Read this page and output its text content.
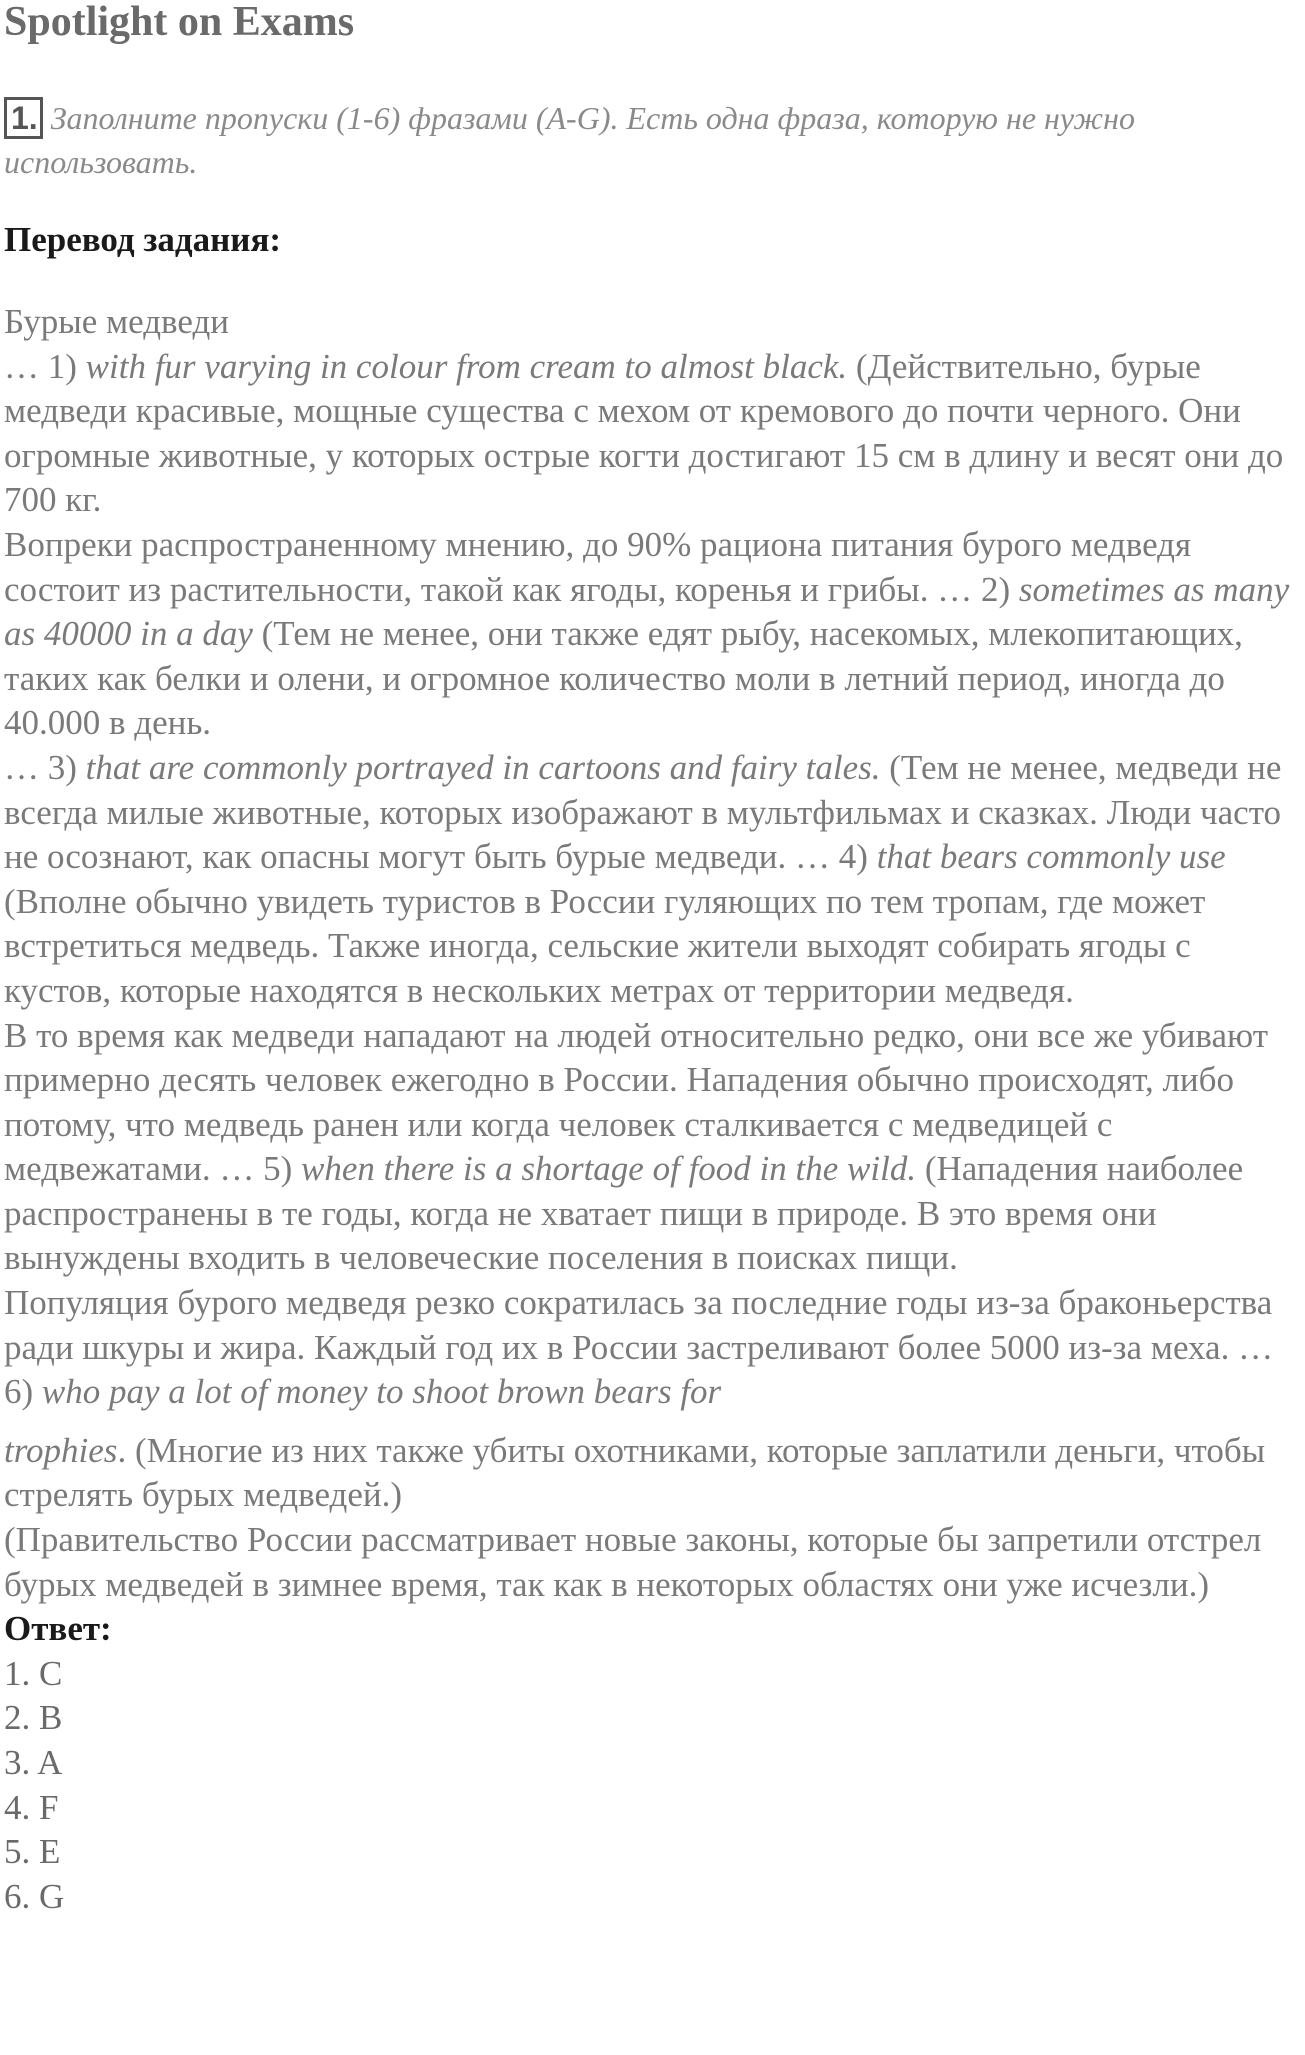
Spotlight on Exams
1. Заполните пропуски (1-6) фразами (A-G). Есть одна фраза, которую не нужно использовать.
Перевод задания:

Бурые медведи

… 1) with fur varying in colour from cream to almost black. (Действительно, бурые медведи красивые, мощные существа с мехом от кремового до почти черного. Они огромные животные, у которых острые когти достигают 15 см в длину и весят они до 700 кг.

Вопреки распространенному мнению, до 90% рациона питания бурого медведя состоит из растительности, такой как ягоды, коренья и грибы. … 2) sometimes as many as 40000 in a day (Тем не менее, они также едят рыбу, насекомых, млекопитающих, таких как белки и олени, и огромное количество моли в летний период, иногда до 40.000 в день.

… 3) that are commonly portrayed in cartoons and fairy tales. (Тем не менее, медведи не всегда милые животные, которых изображают в мультфильмах и сказках. Люди часто не осознают, как опасны могут быть бурые медведи. … 4) that bears commonly use (Вполне обычно увидеть туристов в России гуляющих по тем тропам, где может встретиться медведь. Также иногда, сельские жители выходят собирать ягоды с кустов, которые находятся в нескольких метрах от территории медведя.

В то время как медведи нападают на людей относительно редко, они все же убивают примерно десять человек ежегодно в России. Нападения обычно происходят, либо потому, что медведь ранен или когда человек сталкивается с медведицей с медвежатами. … 5) when there is a shortage of food in the wild. (Нападения наиболее распространены в те годы, когда не хватает пищи в природе. В это время они вынуждены входить в человеческие поселения в поисках пищи.

Популяция бурого медведя резко сократилась за последние годы из-за браконьерства ради шкуры и жира. Каждый год их в России застреливают более 5000 из-за меха. … 6) who pay a lot of money to shoot brown bears for

trophies. (Многие из них также убиты охотниками, которые заплатили деньги, чтобы стрелять бурых медведей.)

(Правительство России рассматривает новые законы, которые бы запретили отстрел бурых медведей в зимнее время, так как в некоторых областях они уже исчезли.)

Ответ:

1. C

2. B

3. A

4. F

5. E

6. G
